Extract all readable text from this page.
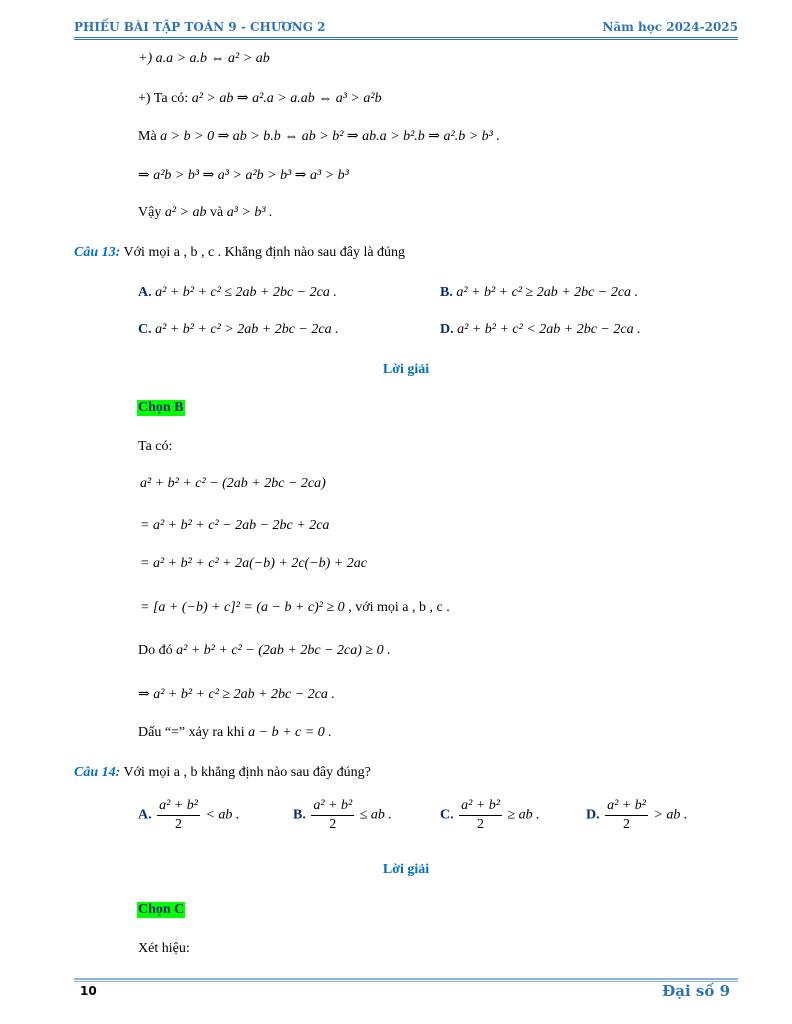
PHIẾU BÀI TẬP TOÁN 9 - CHƯƠNG 2	Năm học 2024-2025
+) a.a > a.b ⇔ a² > ab
+) Ta có: a² > ab ⇒ a².a > a.ab ⇔ a³ > a²b
Mà a > b > 0 ⇒ ab > b.b ⇔ ab > b² ⇒ ab.a > b².b ⇒ a².b > b³ .
⇒ a²b > b³ ⇒ a³ > a²b > b³ ⇒ a³ > b³
Vậy a² > ab và a³ > b³ .
Câu 13: Với mọi a , b , c . Khẳng định nào sau đây là đúng
A. a² + b² + c² ≤ 2ab + 2bc − 2ca .	B. a² + b² + c² ≥ 2ab + 2bc − 2ca .
C. a² + b² + c² > 2ab + 2bc − 2ca .	D. a² + b² + c² < 2ab + 2bc − 2ca .
Lời giải
Chọn B
Ta có:
a² + b² + c² − (2ab + 2bc − 2ca)
= a² + b² + c² − 2ab − 2bc + 2ca
= a² + b² + c² + 2a(−b) + 2c(−b) + 2ac
= [a + (−b) + c]² = (a − b + c)² ≥ 0 , với mọi a , b , c .
Do đó a² + b² + c² − (2ab + 2bc − 2ca) ≥ 0 .
⇒ a² + b² + c² ≥ 2ab + 2bc − 2ca .
Dấu “=” xảy ra khi a − b + c = 0 .
Câu 14: Với mọi a , b khẳng định nào sau đây đúng?
A. $\frac{\text{a² + b²}}{2}$ < ab .	B. $\frac{\text{a² + b²}}{2}$ ≤ ab .	C. $\frac{\text{a² + b²}}{2}$ ≥ ab .	D. $\frac{\text{a² + b²}}{2}$ > ab .
Lời giải
Chọn C
Xét hiệu:
10	Đại số 9
